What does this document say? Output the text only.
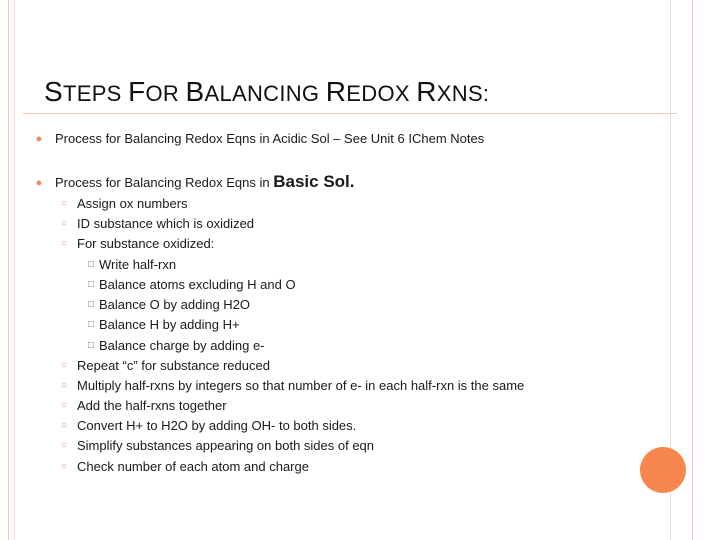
STEPS FOR BALANCING REDOX RXNS:
● Process for Balancing Redox Eqns in Acidic Sol – See Unit 6 IChem Notes
● Process for Balancing Redox Eqns in Basic Sol.
○ Assign ox numbers
○ ID substance which is oxidized
○ For substance oxidized:
□ Write half-rxn
□ Balance atoms excluding H and O
□ Balance O by adding H2O
□ Balance H by adding H+
□ Balance charge by adding e-
○ Repeat “c” for substance reduced
○ Multiply half-rxns by integers so that number of e- in each half-rxn is the same
○ Add the half-rxns together
○ Convert H+ to H2O by adding OH- to both sides.
○ Simplify substances appearing on both sides of eqn
○ Check number of each atom and charge
